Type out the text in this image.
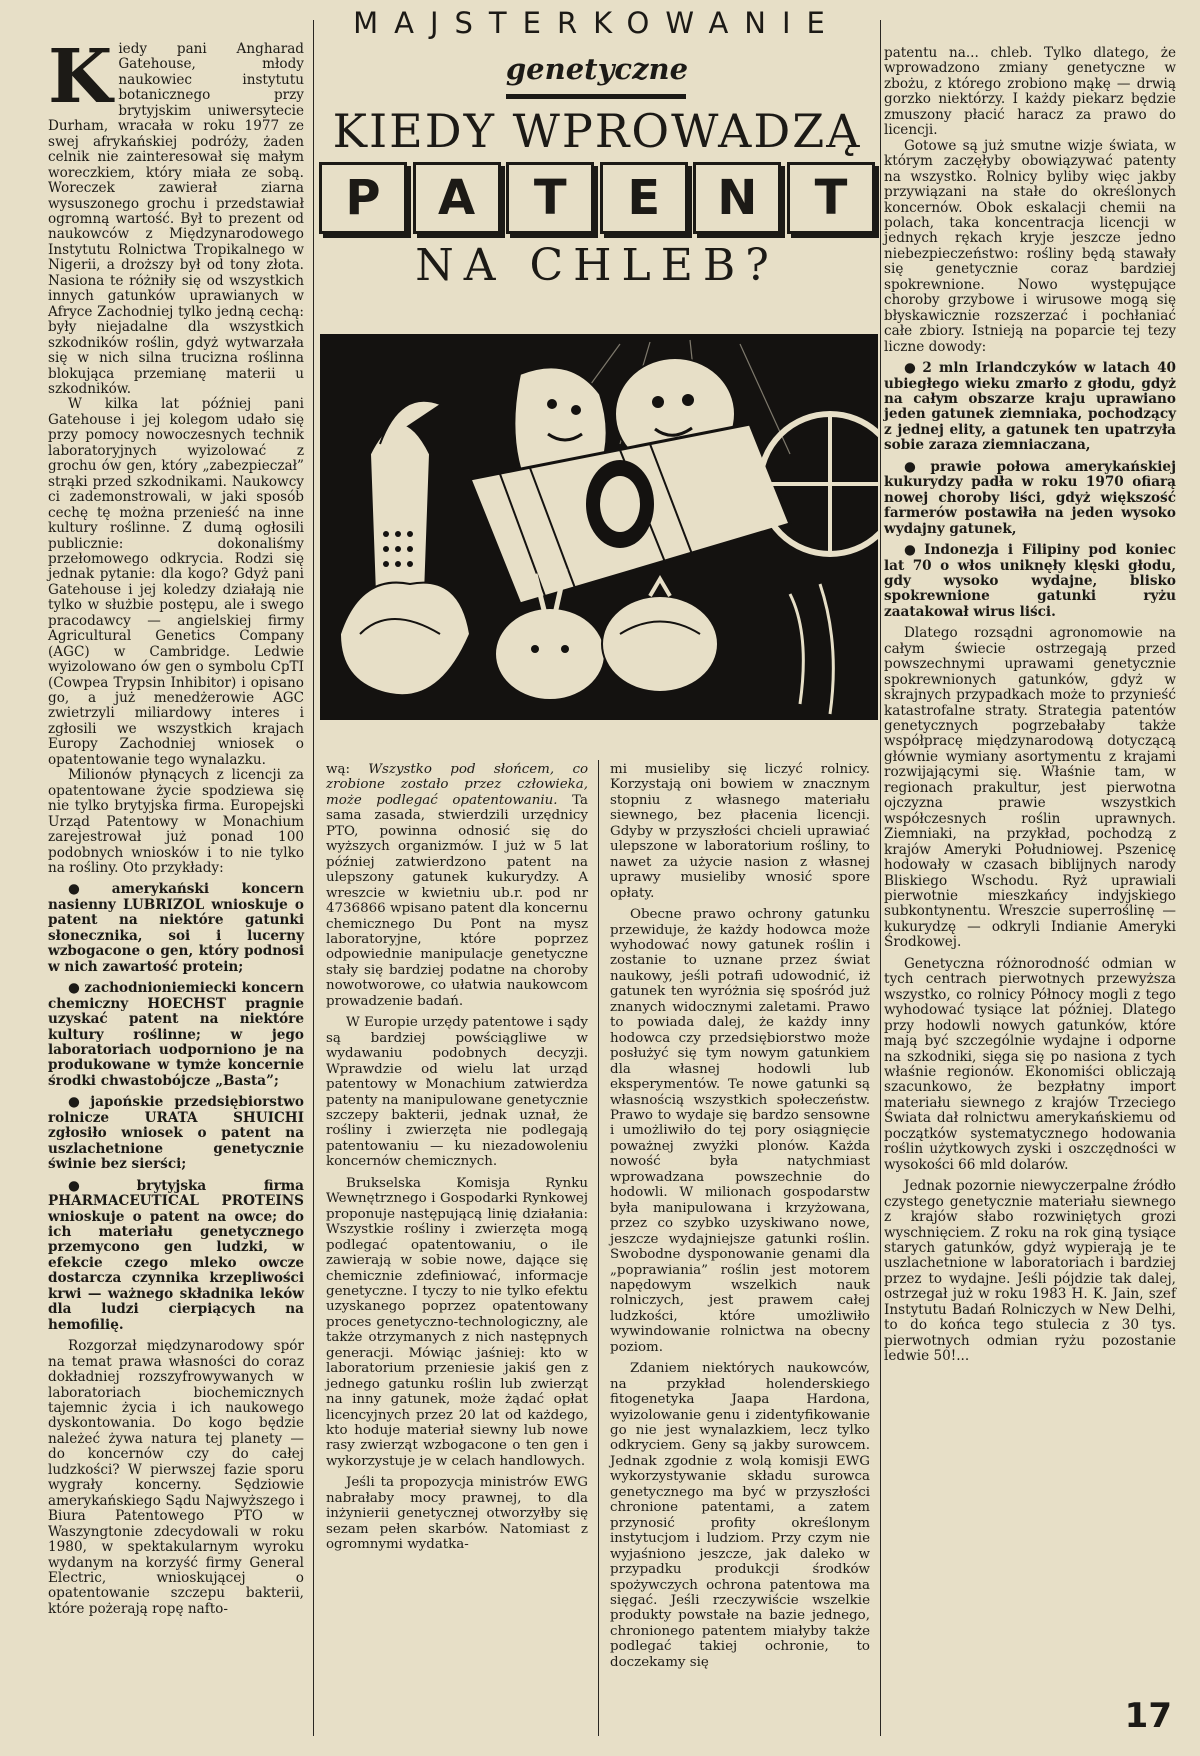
MAJSTERKOWANIE
genetyczne
KIEDY WPROWADZĄ
P	A	T	E	N	T
NA CHLEB?
K iedy pani Angharad Gatehouse, młody naukowiec instytutu botanicznego przy brytyjskim uniwersytecie Durham, wracała w roku 1977 ze swej afrykańskiej podróży, żaden celnik nie zainteresował się małym woreczkiem, który miała ze sobą. Woreczek zawierał ziarna wysuszonego grochu i przedstawiał ogromną wartość. Był to prezent od naukowców z Międzynarodowego Instytutu Rolnictwa Tropikalnego w Nigerii, a droższy był od tony złota. Nasiona te różniły się od wszystkich innych gatunków uprawianych w Afryce Zachodniej tylko jedną cechą: były niejadalne dla wszystkich szkodników roślin, gdyż wytwarzała się w nich silna trucizna roślinna blokująca przemianę materii u szkodników.

W kilka lat później pani Gatehouse i jej kolegom udało się przy pomocy nowoczesnych technik laboratoryjnych wyizolować z grochu ów gen, który „zabezpieczał” strąki przed szkodnikami. Naukowcy ci zademonstrowali, w jaki sposób cechę tę można przenieść na inne kultury roślinne. Z dumą ogłosili publicznie: dokonaliśmy przełomowego odkrycia. Rodzi się jednak pytanie: dla kogo? Gdyż pani Gatehouse i jej koledzy działają nie tylko w służbie postępu, ale i swego pracodawcy — angielskiej firmy Agricultural Genetics Company (AGC) w Cambridge. Ledwie wyizolowano ów gen o symbolu CpTI (Cowpea Trypsin Inhibitor) i opisano go, a już menedżerowie AGC zwietrzyli miliardowy interes i zgłosili we wszystkich krajach Europy Zachodniej wniosek o opatentowanie tego wynalazku.

Milionów płynących z licencji za opatentowane życie spodziewa się nie tylko brytyjska firma. Europejski Urząd Patentowy w Monachium zarejestrował już ponad 100 podobnych wniosków i to nie tylko na rośliny. Oto przykłady:

● amerykański koncern nasienny LUBRIZOL wnioskuje o patent na niektóre gatunki słonecznika, soi i lucerny wzbogacone o gen, który podnosi w nich zawartość protein;

● zachodnioniemiecki koncern chemiczny HOECHST pragnie uzyskać patent na niektóre kultury roślinne; w jego laboratoriach uodporniono je na produkowane w tymże koncernie środki chwastobójcze „Basta”;

● japońskie przedsiębiorstwo rolnicze URATA SHUICHI zgłosiło wniosek o patent na uszlachetnione genetycznie świnie bez sierści;

● brytyjska firma PHARMACEUTICAL PROTEINS wnioskuje o patent na owce; do ich materiału genetycznego przemycono gen ludzki, w efekcie czego mleko owcze dostarcza czynnika krzepliwości krwi — ważnego składnika leków dla ludzi cierpiących na hemofilię.

Rozgorzał międzynarodowy spór na temat prawa własności do coraz dokładniej rozszyfrowywanych w laboratoriach biochemicznych tajemnic życia i ich naukowego dyskontowania. Do kogo będzie należeć żywa natura tej planety — do koncernów czy do całej ludzkości? W pierwszej fazie sporu wygrały koncerny. Sędziowie amerykańskiego Sądu Najwyższego i Biura Patentowego PTO w Waszyngtonie zdecydowali w roku 1980, w spektakularnym wyroku wydanym na korzyść firmy General Electric, wnioskującej o opatentowanie szczepu bakterii, które pożerają ropę nafto-

wą: Wszystko pod słońcem, co zrobione zostało przez człowieka, może podlegać opatentowaniu. Ta sama zasada, stwierdzili urzędnicy PTO, powinna odnosić się do wyższych organizmów. I już w 5 lat później zatwierdzono patent na ulepszony gatunek kukurydzy. A wreszcie w kwietniu ub.r. pod nr 4736866 wpisano patent dla koncernu chemicznego Du Pont na mysz laboratoryjne, które poprzez odpowiednie manipulacje genetyczne stały się bardziej podatne na choroby nowotworowe, co ułatwia naukowcom prowadzenie badań.

W Europie urzędy patentowe i sądy są bardziej powściągliwe w wydawaniu podobnych decyzji. Wprawdzie od wielu lat urząd patentowy w Monachium zatwierdza patenty na manipulowane genetycznie szczepy bakterii, jednak uznał, że rośliny i zwierzęta nie podlegają patentowaniu — ku niezadowoleniu koncernów chemicznych.

Brukselska Komisja Rynku Wewnętrznego i Gospodarki Rynkowej proponuje następującą linię działania: Wszystkie rośliny i zwierzęta mogą podlegać opatentowaniu, o ile zawierają w sobie nowe, dające się chemicznie zdefiniować, informacje genetyczne. I tyczy to nie tylko efektu uzyskanego poprzez opatentowany proces genetyczno-technologiczny, ale także otrzymanych z nich następnych generacji. Mówiąc jaśniej: kto w laboratorium przeniesie jakiś gen z jednego gatunku roślin lub zwierząt na inny gatunek, może żądać opłat licencyjnych przez 20 lat od każdego, kto hoduje materiał siewny lub nowe rasy zwierząt wzbogacone o ten gen i wykorzystuje je w celach handlowych.

Jeśli ta propozycja ministrów EWG nabrałaby mocy prawnej, to dla inżynierii genetycznej otworzyłby się sezam pełen skarbów. Natomiast z ogromnymi wydatka-

mi musieliby się liczyć rolnicy. Korzystają oni bowiem w znacznym stopniu z własnego materiału siewnego, bez płacenia licencji. Gdyby w przyszłości chcieli uprawiać ulepszone w laboratorium rośliny, to nawet za użycie nasion z własnej uprawy musieliby wnosić spore opłaty.

Obecne prawo ochrony gatunku przewiduje, że każdy hodowca może wyhodować nowy gatunek roślin i zostanie to uznane przez świat naukowy, jeśli potrafi udowodnić, iż gatunek ten wyróżnia się spośród już znanych widocznymi zaletami. Prawo to powiada dalej, że każdy inny hodowca czy przedsiębiorstwo może posłużyć się tym nowym gatunkiem dla własnej hodowli lub eksperymentów. Te nowe gatunki są własnością wszystkich społeczeństw. Prawo to wydaje się bardzo sensowne i umożliwiło do tej pory osiągnięcie poważnej zwyżki plonów. Każda nowość była natychmiast wprowadzana powszechnie do hodowli. W milionach gospodarstw była manipulowana i krzyżowana, przez co szybko uzyskiwano nowe, jeszcze wydajniejsze gatunki roślin. Swobodne dysponowanie genami dla „poprawiania” roślin jest motorem napędowym wszelkich nauk rolniczych, jest prawem całej ludzkości, które umożliwiło wywindowanie rolnictwa na obecny poziom.

Zdaniem niektórych naukowców, na przykład holenderskiego fitogenetyka Jaapa Hardona, wyizolowanie genu i zidentyfikowanie go nie jest wynalazkiem, lecz tylko odkryciem. Geny są jakby surowcem. Jednak zgodnie z wolą komisji EWG wykorzystywanie składu surowca genetycznego ma być w przyszłości chronione patentami, a zatem przynosić profity określonym instytucjom i ludziom. Przy czym nie wyjaśniono jeszcze, jak daleko w przypadku produkcji środków spożywczych ochrona patentowa ma sięgać. Jeśli rzeczywiście wszelkie produkty powstałe na bazie jednego, chronionego patentem miałyby także podlegać takiej ochronie, to doczekamy się

patentu na... chleb. Tylko dlatego, że wprowadzono zmiany genetyczne w zbożu, z którego zrobiono mąkę — drwią gorzko niektórzy. I każdy piekarz będzie zmuszony płacić haracz za prawo do licencji.

Gotowe są już smutne wizje świata, w którym zaczęłyby obowiązywać patenty na wszystko. Rolnicy byliby więc jakby przywiązani na stałe do określonych koncernów. Obok eskalacji chemii na polach, taka koncentracja licencji w jednych rękach kryje jeszcze jedno niebezpieczeństwo: rośliny będą stawały się genetycznie coraz bardziej spokrewnione. Nowo występujące choroby grzybowe i wirusowe mogą się błyskawicznie rozszerzać i pochłaniać całe zbiory. Istnieją na poparcie tej tezy liczne dowody:

● 2 mln Irlandczyków w latach 40 ubiegłego wieku zmarło z głodu, gdyż na całym obszarze kraju uprawiano jeden gatunek ziemniaka, pochodzący z jednej elity, a gatunek ten upatrzyła sobie zaraza ziemniaczana,

● prawie połowa amerykańskiej kukurydzy padła w roku 1970 ofiarą nowej choroby liści, gdyż większość farmerów postawiła na jeden wysoko wydajny gatunek,

● Indonezja i Filipiny pod koniec lat 70 o włos uniknęły klęski głodu, gdy wysoko wydajne, blisko spokrewnione gatunki ryżu zaatakował wirus liści.

Dlatego rozsądni agronomowie na całym świecie ostrzegają przed powszechnymi uprawami genetycznie spokrewnionych gatunków, gdyż w skrajnych przypadkach może to przynieść katastrofalne straty. Strategia patentów genetycznych pogrzebałaby także współpracę międzynarodową dotyczącą głównie wymiany asortymentu z krajami rozwijającymi się. Właśnie tam, w regionach prakultur, jest pierwotna ojczyzna prawie wszystkich współczesnych roślin uprawnych. Ziemniaki, na przykład, pochodzą z krajów Ameryki Południowej. Pszenicę hodowały w czasach biblijnych narody Bliskiego Wschodu. Ryż uprawiali pierwotnie mieszkańcy indyjskiego subkontynentu. Wreszcie superroślinę — kukurydzę — odkryli Indianie Ameryki Środkowej.

Genetyczna różnorodność odmian w tych centrach pierwotnych przewyższa wszystko, co rolnicy Północy mogli z tego wyhodować tysiące lat później. Dlatego przy hodowli nowych gatunków, które mają być szczególnie wydajne i odporne na szkodniki, sięga się po nasiona z tych właśnie regionów. Ekonomiści obliczają szacunkowo, że bezpłatny import materiału siewnego z krajów Trzeciego Świata dał rolnictwu amerykańskiemu od początków systematycznego hodowania roślin użytkowych zyski i oszczędności w wysokości 66 mld dolarów.

Jednak pozornie niewyczerpalne źródło czystego genetycznie materiału siewnego z krajów słabo rozwiniętych grozi wyschnięciem. Z roku na rok giną tysiące starych gatunków, gdyż wypierają je te uszlachetnione w laboratoriach i bardziej przez to wydajne. Jeśli pójdzie tak dalej, ostrzegał już w roku 1983 H. K. Jain, szef Instytutu Badań Rolniczych w New Delhi, to do końca tego stulecia z 30 tys. pierwotnych odmian ryżu pozostanie ledwie 50!...

17
